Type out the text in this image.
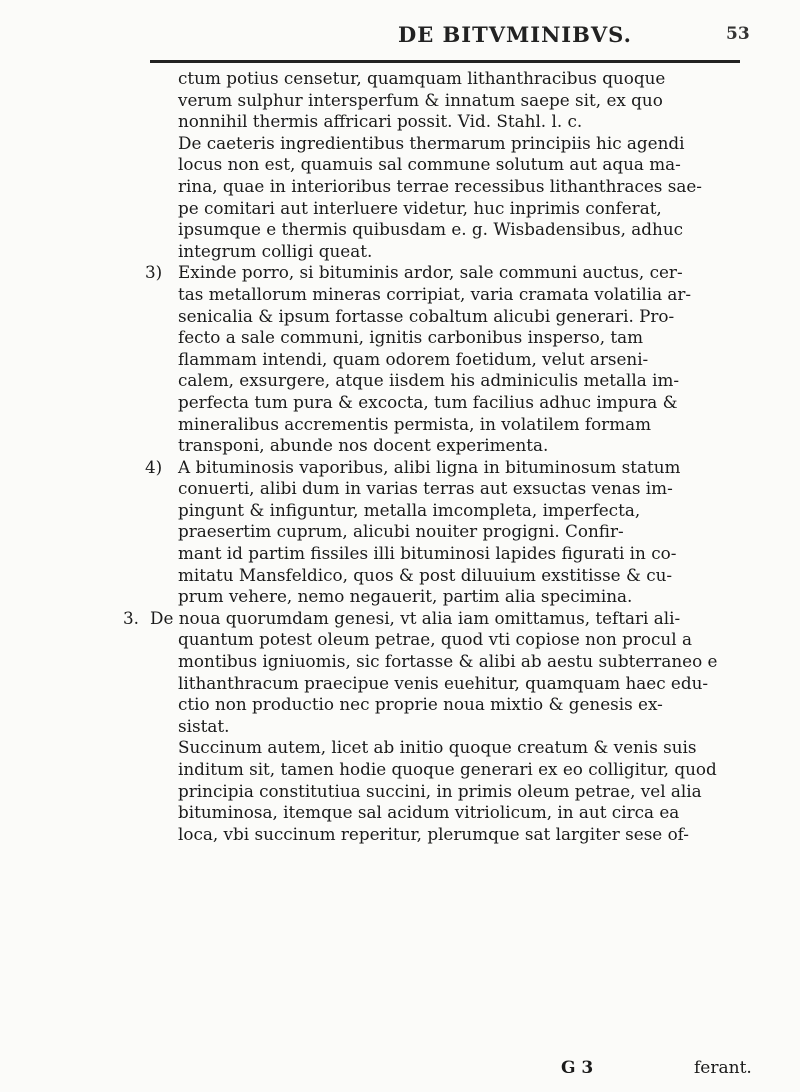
DE BITVMINIBVS.	53
ctum potius censetur, quamquam lithanthracibus quoque
verum sulphur intersperfum & innatum saepe sit, ex quo
nonnihil thermis affricari possit. Vid. Stahl. l. c.
De caeteris ingredientibus thermarum principiis hic agendi
locus non est, quamuis sal commune solutum aut aqua ma-
rina, quae in interioribus terrae recessibus lithanthraces sae-
pe comitari aut interluere videtur, huc inprimis conferat,
ipsumque e thermis quibusdam e. g. Wisbadensibus, adhuc
integrum colligi queat.
3) Exinde porro, si bituminis ardor, sale communi auctus, cer-
tas metallorum mineras corripiat, varia cramata volatilia ar-
senicalia & ipsum fortasse cobaltum alicubi generari. Pro-
fecto a sale communi, ignitis carbonibus inspersо, tam
flammam intendi, quam odorem foetidum, velut arseni-
calem, exsurgere, atque iisdem his adminiculis metalla im-
perfecta tum pura & excocta, tum facilius adhuc impura &
mineralibus accrementis permista, in volatilem formam
transponi, abunde nos docent experimenta.
4) A bituminosis vaporibus, alibi ligna in bituminosum statum
conuerti, alibi dum in varias terras aut exsuctas venas im-
pingunt & infiguntur, metalla imcompleta, imperfecta,
praesertim cuprum, alicubi nouiter progigni. Confir-
mant id partim fissiles illi bituminosi lapides figurati in co-
mitatu Mansfeldico, quos & post diluuium exstitisse & cu-
prum vehere, nemo negauerit, partim alia specimina.
3. De noua quorumdam genesi, vt alia iam omittamus, teftari ali-
quantum potest oleum petrae, quod vti copiose non procul a
montibus igniuomis, sic fortasse & alibi ab aestu subterraneo e
lithanthracum praecipue venis euehitur, quamquam haec edu-
ctio non productio nec proprie noua mixtio & genesis ex-
sistat.
Succinum autem, licet ab initio quoque creatum & venis suis
inditum sit, tamen hodie quoque generari ex eo colligitur, quod
principia constitutiua succini, in primis oleum petrae, vel alia
bituminosa, itemque sal acidum vitriolicum, in aut circa ea
loca, vbi succinum reperitur, plerumque sat largiter sese of-
G 3	ferant.
